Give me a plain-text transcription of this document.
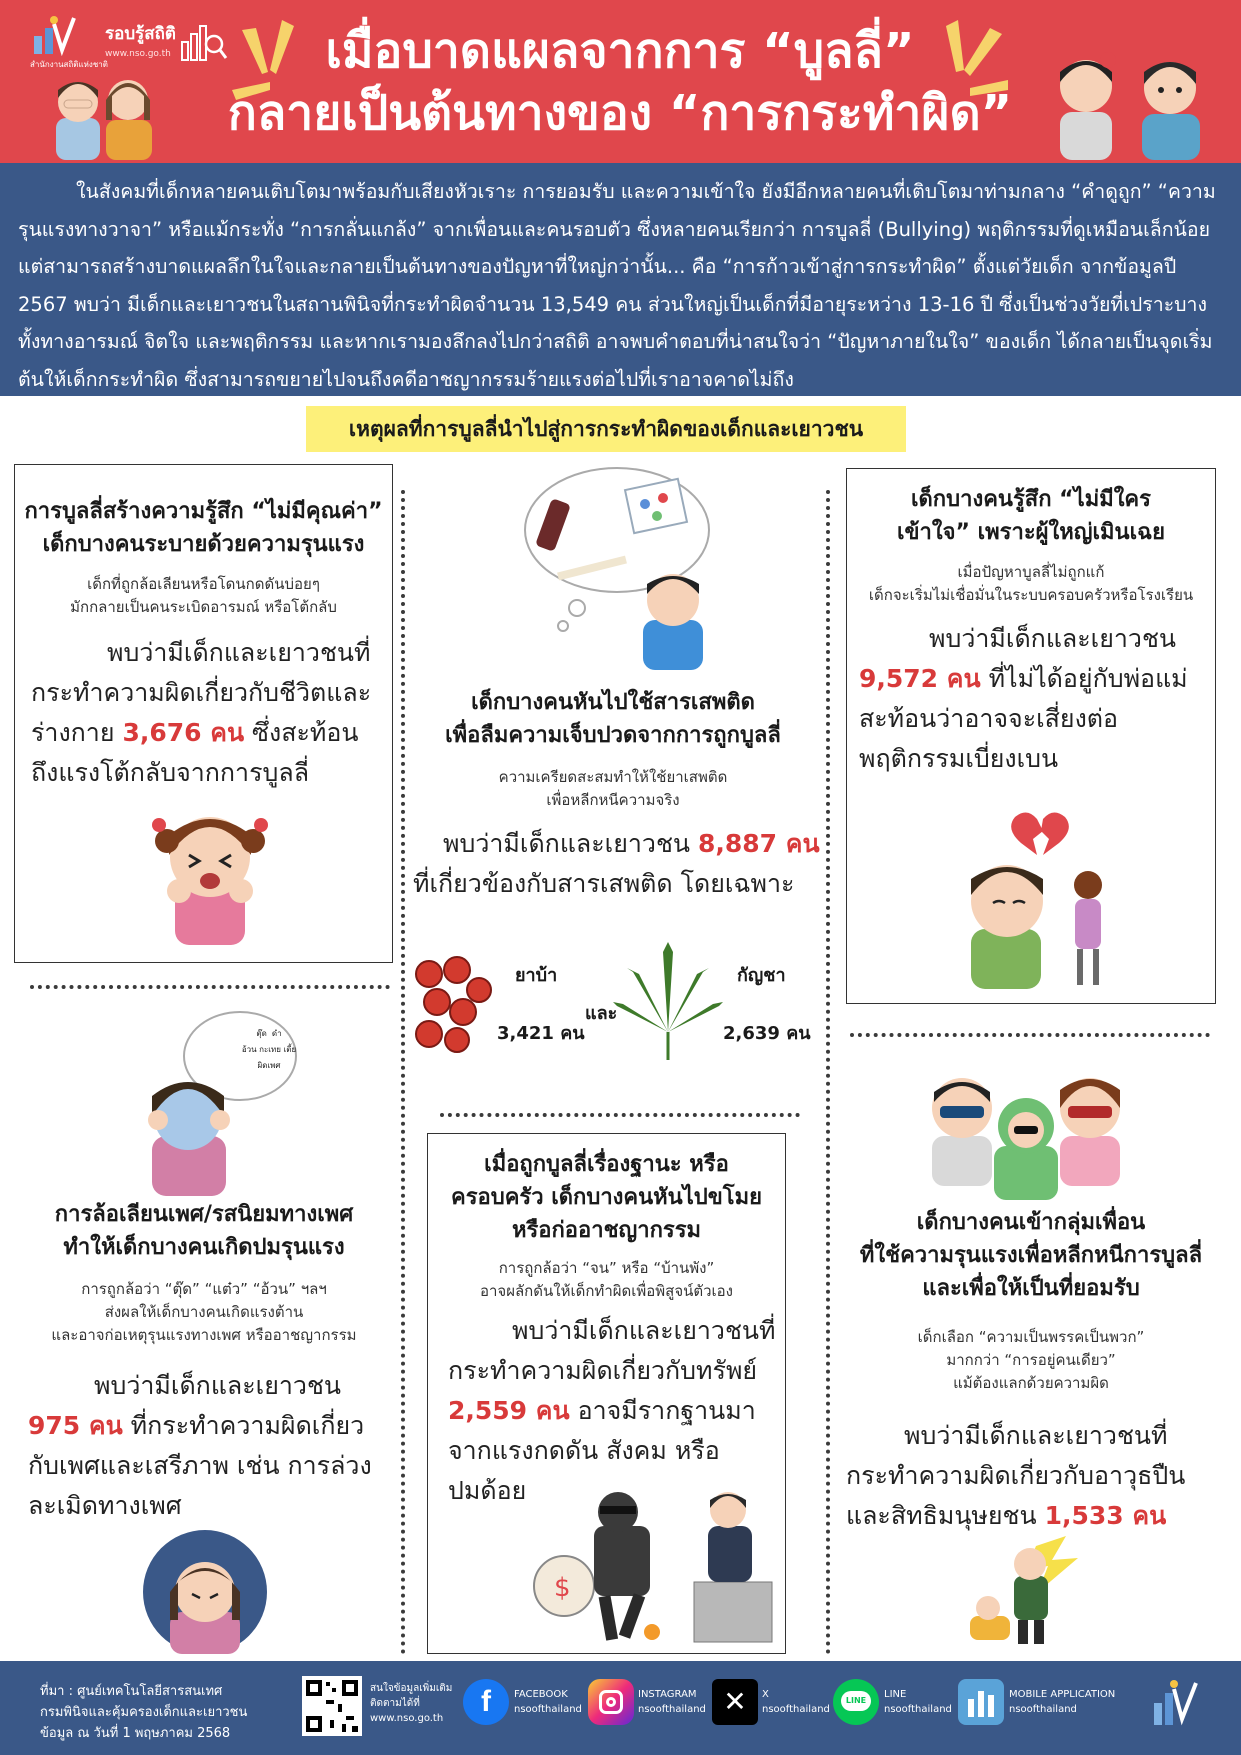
สำนักงานสถิติแห่งชาติ
รอบรู้สถิติ
www.nso.go.th	เมื่อบาดแผลจากการ “บูลลี่”
กลายเป็นต้นทางของ “การกระทำผิด”

ในสังคมที่เด็กหลายคนเติบโตมาพร้อมกับเสียงหัวเราะ การยอมรับ และความเข้าใจ ยังมีอีกหลายคนที่เติบโตมาท่ามกลาง “คำดูถูก” “ความรุนแรงทางวาจา” หรือแม้กระทั่ง “การกลั่นแกล้ง” จากเพื่อนและคนรอบตัว ซึ่งหลายคนเรียกว่า การบูลลี่ (Bullying) พฤติกรรมที่ดูเหมือนเล็กน้อยแต่สามารถสร้างบาดแผลลึกในใจและกลายเป็นต้นทางของปัญหาที่ใหญ่กว่านั้น... คือ “การก้าวเข้าสู่การกระทำผิด” ตั้งแต่วัยเด็ก จากข้อมูลปี 2567 พบว่า มีเด็กและเยาวชนในสถานพินิจที่กระทำผิดจำนวน 13,549 คน ส่วนใหญ่เป็นเด็กที่มีอายุระหว่าง 13-16 ปี ซึ่งเป็นช่วงวัยที่เปราะบางทั้งทางอารมณ์ จิตใจ และพฤติกรรม และหากเรามองลึกลงไปกว่าสถิติ อาจพบคำตอบที่น่าสนใจว่า “ปัญหาภายในใจ” ของเด็ก ได้กลายเป็นจุดเริ่มต้นให้เด็กกระทำผิด ซึ่งสามารถขยายไปจนถึงคดีอาชญากรรมร้ายแรงต่อไปที่เราอาจคาดไม่ถึง

เหตุผลที่การบูลลี่นำไปสู่การกระทำผิดของเด็กและเยาวชน
การบูลลี่สร้างความรู้สึก “ไม่มีคุณค่า”
เด็กบางคนระบายด้วยความรุนแรง
เด็กที่ถูกล้อเลียนหรือโดนกดดันบ่อยๆ
มักกลายเป็นคนระเบิดอารมณ์ หรือโต้กลับ
พบว่ามีเด็กและเยาวชนที่
กระทำความผิดเกี่ยวกับชีวิตและ
ร่างกาย 3,676 คน ซึ่งสะท้อน
ถึงแรงโต้กลับจากการบูลลี่
เด็กบางคนหันไปใช้สารเสพติด
เพื่อลืมความเจ็บปวดจากการถูกบูลลี่
ความเครียดสะสมทำให้ใช้ยาเสพติด
เพื่อหลีกหนีความจริง
พบว่ามีเด็กและเยาวชน 8,887 คน
ที่เกี่ยวข้องกับสารเสพติด โดยเฉพาะ
ยาบ้า
3,421 คน
และ
กัญชา
2,639 คน
เด็กบางคนรู้สึก “ไม่มีใคร
เข้าใจ” เพราะผู้ใหญ่เมินเฉย
เมื่อปัญหาบูลลี่ไม่ถูกแก้
เด็กจะเริ่มไม่เชื่อมั่นในระบบครอบครัวหรือโรงเรียน
พบว่ามีเด็กและเยาวชน
9,572 คน ที่ไม่ได้อยู่กับพ่อแม่
สะท้อนว่าอาจจะเสี่ยงต่อ
พฤติกรรมเบี่ยงเบน
ตุ๊ด ดำ
อ้วน กะเทย เตี้ย
ผิดเพศ
การล้อเลียนเพศ/รสนิยมทางเพศ
ทำให้เด็กบางคนเกิดปมรุนแรง
การถูกล้อว่า “ตุ๊ด” “แต๋ว” “อ้วน” ฯลฯ
ส่งผลให้เด็กบางคนเกิดแรงต้าน
และอาจก่อเหตุรุนแรงทางเพศ หรืออาชญากรรม
พบว่ามีเด็กและเยาวชน
975 คน ที่กระทำความผิดเกี่ยว
กับเพศและเสรีภาพ เช่น การล่วง
ละเมิดทางเพศ
เมื่อถูกบูลลี่เรื่องฐานะ หรือ
ครอบครัว เด็กบางคนหันไปขโมย
หรือก่ออาชญากรรม
การถูกล้อว่า “จน” หรือ “บ้านพัง”
อาจผลักดันให้เด็กทำผิดเพื่อพิสูจน์ตัวเอง
พบว่ามีเด็กและเยาวชนที่
กระทำความผิดเกี่ยวกับทรัพย์
2,559 คน อาจมีรากฐานมา
จากแรงกดดัน สังคม หรือ
ปมด้อย
$
เด็กบางคนเข้ากลุ่มเพื่อน
ที่ใช้ความรุนแรงเพื่อหลีกหนีการบูลลี่
และเพื่อให้เป็นที่ยอมรับ
เด็กเลือก “ความเป็นพรรคเป็นพวก”
มากกว่า “การอยู่คนเดียว”
แม้ต้องแลกด้วยความผิด
พบว่ามีเด็กและเยาวชนที่
กระทำความผิดเกี่ยวกับอาวุธปืน
และสิทธิมนุษยชน 1,533 คน
ที่มา : ศูนย์เทคโนโลยีสารสนเทศ
กรมพินิจและคุ้มครองเด็กและเยาวชน
ข้อมูล ณ วันที่ 1 พฤษภาคม 2568
สนใจข้อมูลเพิ่มเติม
ติดตามได้ที่
www.nso.go.th
f	FACEBOOK
nsoofthailand
INSTAGRAM
nsoofthailand ✕	X
nsoofthailand
LINE
LINE
nsoofthailand
MOBILE APPLICATION
nsoofthailand
